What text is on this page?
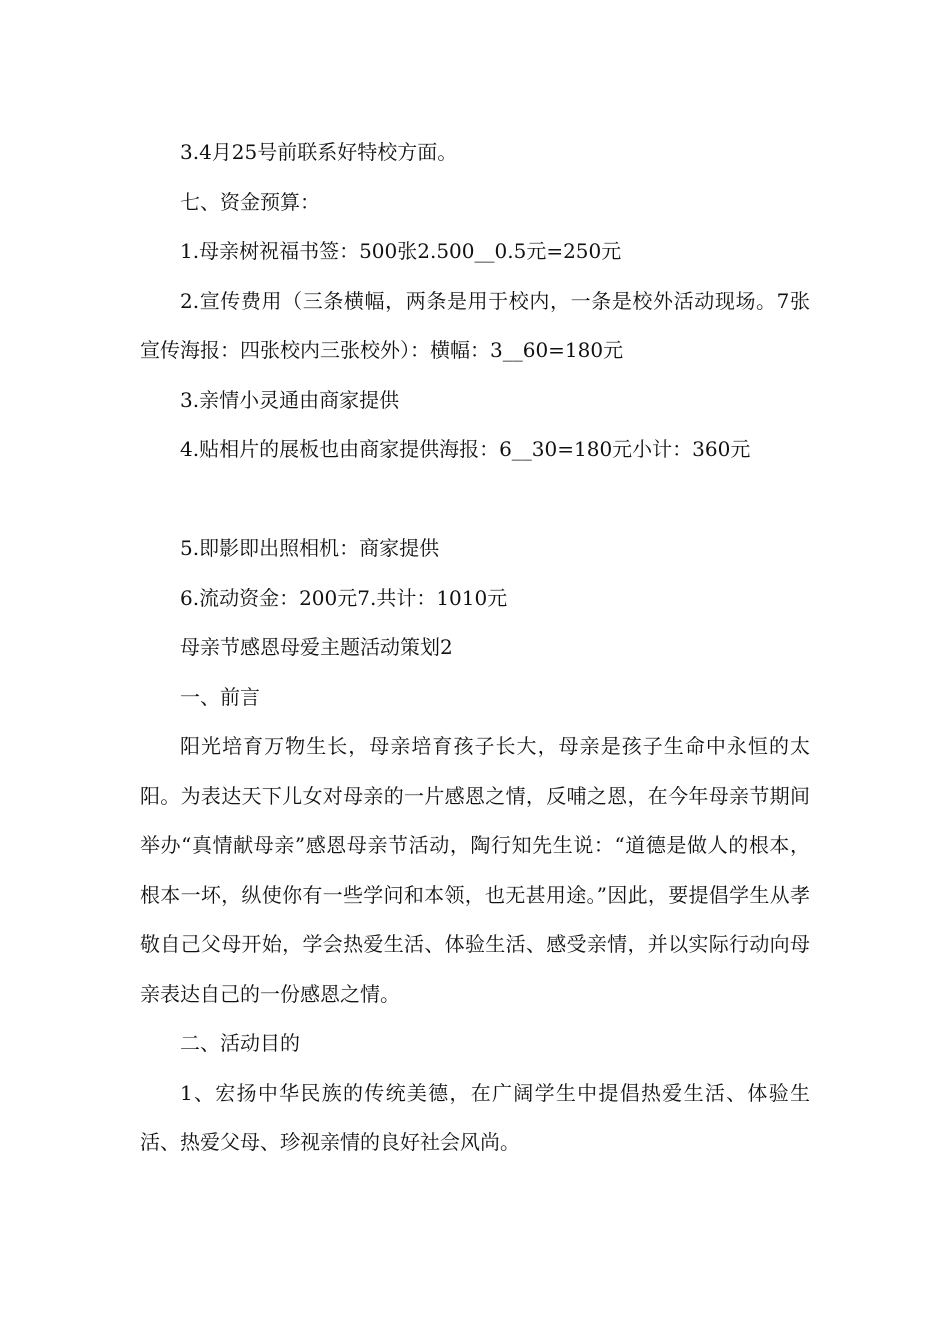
3.4月25号前联系好特校方面。

七、资金预算：

1.母亲树祝福书签：500张2.500__0.5元=250元

2.宣传费用（三条横幅，两条是用于校内，一条是校外活动现场。7张宣传海报：四张校内三张校外）：横幅：3__60=180元

3.亲情小灵通由商家提供

4.贴相片的展板也由商家提供海报：6__30=180元小计：360元

5.即影即出照相机：商家提供

6.流动资金：200元7.共计：1010元

母亲节感恩母爱主题活动策划2

一、前言

阳光培育万物生长，母亲培育孩子长大，母亲是孩子生命中永恒的太阳。为表达天下儿女对母亲的一片感恩之情，反哺之恩，在今年母亲节期间举办“真情献母亲”感恩母亲节活动，陶行知先生说：“道德是做人的根本，根本一坏，纵使你有一些学问和本领，也无甚用途。”因此，要提倡学生从孝敬自己父母开始，学会热爱生活、体验生活、感受亲情，并以实际行动向母亲表达自己的一份感恩之情。

二、活动目的

1、宏扬中华民族的传统美德，在广阔学生中提倡热爱生活、体验生活、热爱父母、珍视亲情的良好社会风尚。
